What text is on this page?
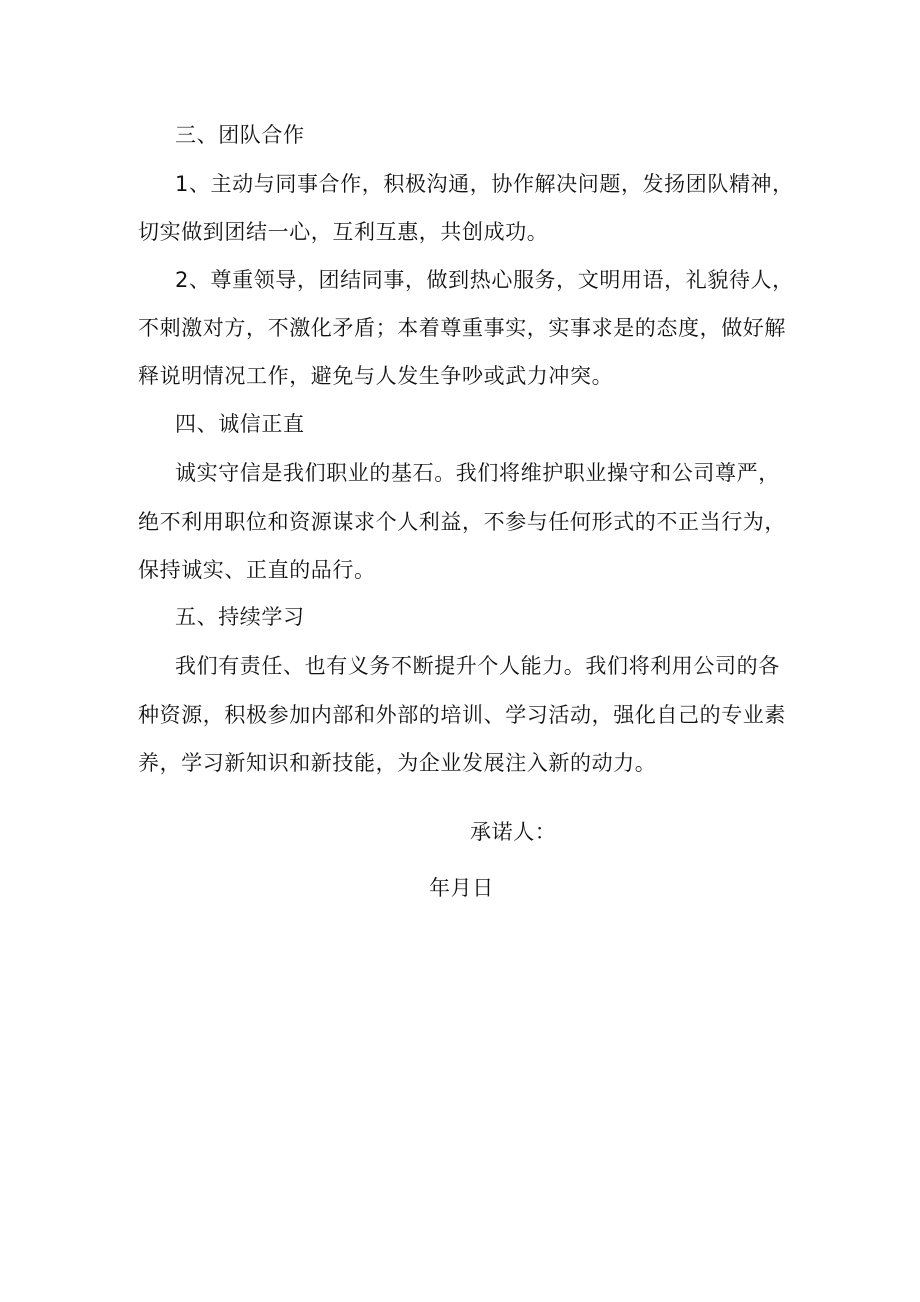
三、团队合作
1、主动与同事合作，积极沟通，协作解决问题，发扬团队精神，
切实做到团结一心，互利互惠，共创成功。
2、尊重领导，团结同事，做到热心服务，文明用语，礼貌待人，
不刺激对方，不激化矛盾；本着尊重事实，实事求是的态度，做好解
释说明情况工作，避免与人发生争吵或武力冲突。
四、诚信正直
诚实守信是我们职业的基石。我们将维护职业操守和公司尊严，
绝不利用职位和资源谋求个人利益，不参与任何形式的不正当行为，
保持诚实、正直的品行。
五、持续学习
我们有责任、也有义务不断提升个人能力。我们将利用公司的各
种资源，积极参加内部和外部的培训、学习活动，强化自己的专业素
养，学习新知识和新技能，为企业发展注入新的动力。
承诺人：
年月日
